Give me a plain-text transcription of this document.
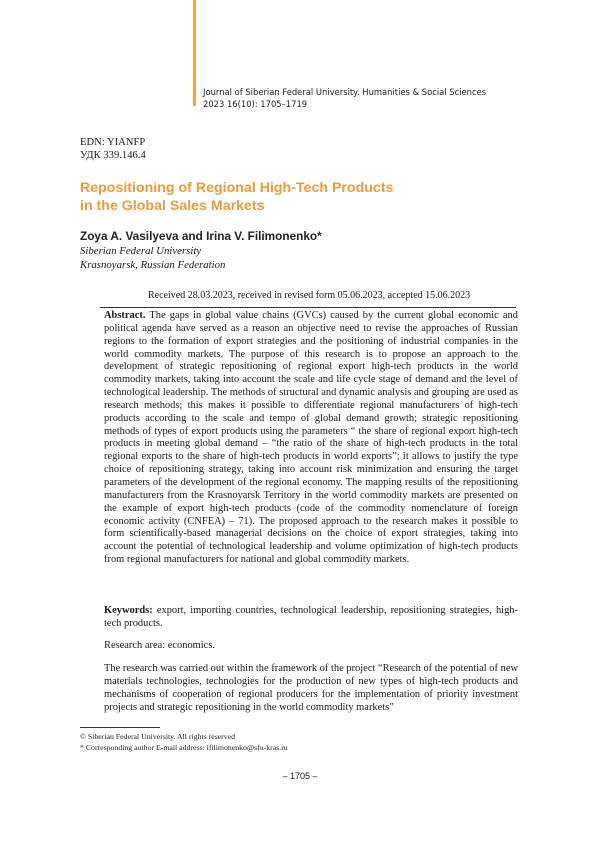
Journal of Siberian Federal University. Humanities & Social Sciences
2023 16(10): 1705–1719
EDN: YIANFP
УДК 339.146.4
Repositioning of Regional High-Tech Products
in the Global Sales Markets
Zoya A. Vasilyeva and Irina V. Filimonenko*
Siberian Federal University
Krasnoyarsk, Russian Federation
Received 28.03.2023, received in revised form 05.06.2023, accepted 15.06.2023

Abstract. The gaps in global value chains (GVCs) caused by the current global economic and political agenda have served as a reason an objective need to revise the approaches of Russian regions to the formation of export strategies and the positioning of industrial companies in the world commodity markets. The purpose of this research is to propose an approach to the development of strategic repositioning of regional export high-tech products in the world commodity markets, taking into account the scale and life cycle stage of demand and the level of technological leadership. The methods of structural and dynamic analysis and grouping are used as research methods; this makes it possible to differentiate regional manufacturers of high-tech products according to the scale and tempo of global demand growth; strategic repositioning methods of types of export products using the parameters “ the share of regional export high-tech products in meeting global demand – “the ratio of the share of high-tech products in the total regional exports to the share of high-tech products in world exports”; it allows to justify the type choice of repositioning strategy, taking into account risk minimization and ensuring the target parameters of the development of the regional economy. The mapping results of the repositioning manufacturers from the Krasnoyarsk Territory in the world commodity markets are presented on the example of export high-tech products (code of the commodity nomenclature of foreign economic activity (CNFEA) – 71). The proposed approach to the research makes it possible to form scientifically-based managerial decisions on the choice of export strategies, taking into account the potential of technological leadership and volume optimization of high-tech products from regional manufacturers for national and global commodity markets.

Keywords: export, importing countries, technological leadership, repositioning strategies, high-tech products.

Research area: economics.

The research was carried out within the framework of the project “Research of the potential of new materials technologies, technologies for the production of new types of high-tech products and mechanisms of cooperation of regional producers for the implementation of priority investment projects and strategic repositioning in the world commodity markets”

© Siberian Federal University. All rights reserved
* Corresponding author E-mail address: ifilimonenko@sfu-kras.ru
– 1705 –
